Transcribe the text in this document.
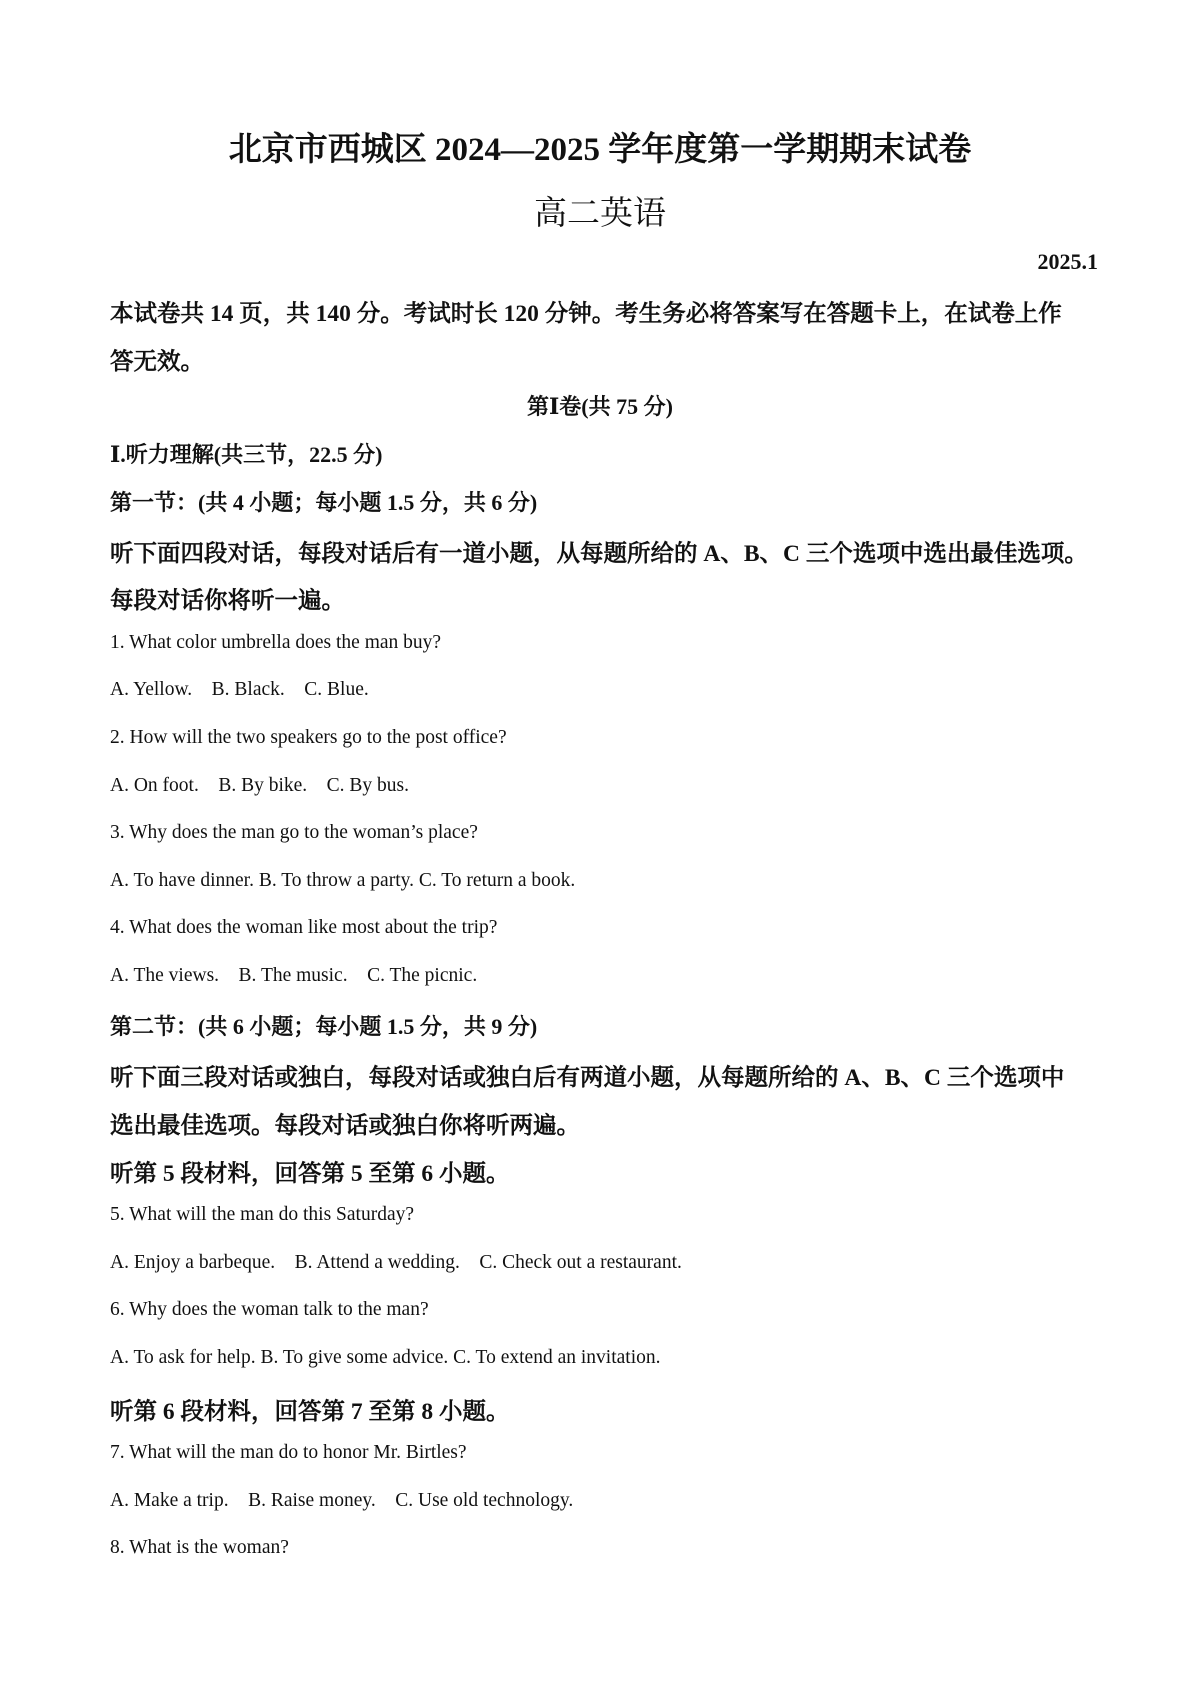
北京市西城区 2024—2025 学年度第一学期期末试卷
高二英语
2025.1
本试卷共 14 页，共 140 分。考试时长 120 分钟。考生务必将答案写在答题卡上，在试卷上作
答无效。
第Ⅰ卷(共 75 分)
Ⅰ.听力理解(共三节，22.5 分)
第一节：(共 4 小题；每小题 1.5 分，共 6 分)
听下面四段对话，每段对话后有一道小题，从每题所给的 A、B、C 三个选项中选出最佳选项。
每段对话你将听一遍。
1. What color umbrella does the man buy?
A. Yellow.    B. Black.    C. Blue.
2. How will the two speakers go to the post office?
A. On foot.    B. By bike.    C. By bus.
3. Why does the man go to the woman’s place?
A. To have dinner. B. To throw a party. C. To return a book.
4. What does the woman like most about the trip?
A. The views.    B. The music.    C. The picnic.
第二节：(共 6 小题；每小题 1.5 分，共 9 分)
听下面三段对话或独白，每段对话或独白后有两道小题，从每题所给的 A、B、C 三个选项中
选出最佳选项。每段对话或独白你将听两遍。
听第 5 段材料，回答第 5 至第 6 小题。
5. What will the man do this Saturday?
A. Enjoy a barbeque.    B. Attend a wedding.    C. Check out a restaurant.
6. Why does the woman talk to the man?
A. To ask for help. B. To give some advice. C. To extend an invitation.
听第 6 段材料，回答第 7 至第 8 小题。
7. What will the man do to honor Mr. Birtles?
A. Make a trip.    B. Raise money.    C. Use old technology.
8. What is the woman?
